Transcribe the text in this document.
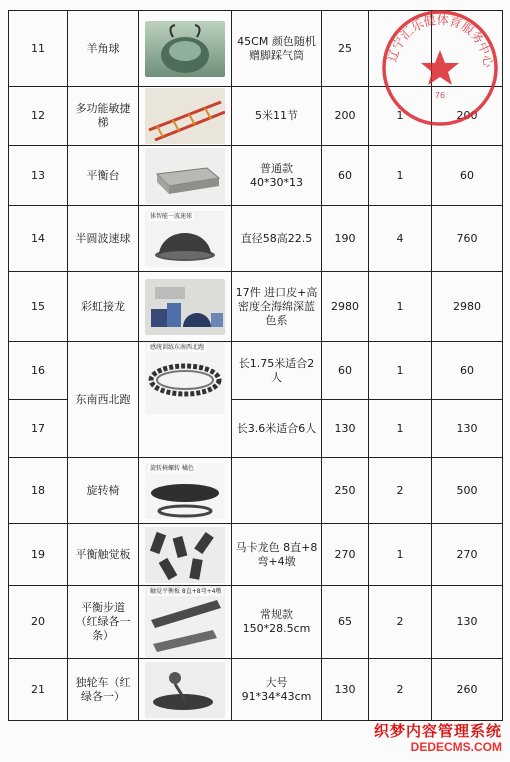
11	羊角球		45CM 颜色随机 赠脚踩气筒	25		
12	多功能敏捷梯		5米11节	200	1	200
13	平衡台		普通款 40*30*13	60	1	60
14	半圆波速球	体智能一波速球	直径58高22.5	190	4	760
15	彩虹接龙		17件 进口皮+高密度全海绵深蓝色系	2980	1	2980
16	东南西北跑	感统训练东南西北跑	长1.75米适合2人	60	1	60
17			长3.6米适合6人	130	1	130
18	旋转椅	旋转椅螺转 橘色		250	2	500
19	平衡触觉板		马卡龙色 8直+8弯+4墩	270	1	270
20	平衡步道（红绿各一条）	触觉平衡板 8直+8弯+4墩	常规款 150*28.5cm	65	2	130
21	独轮车（红绿各一）		大号 91*34*43cm	130	2	260
辽宁汇乐健体育服务中心
76
织梦内容管理系统
DEDECMS.COM
